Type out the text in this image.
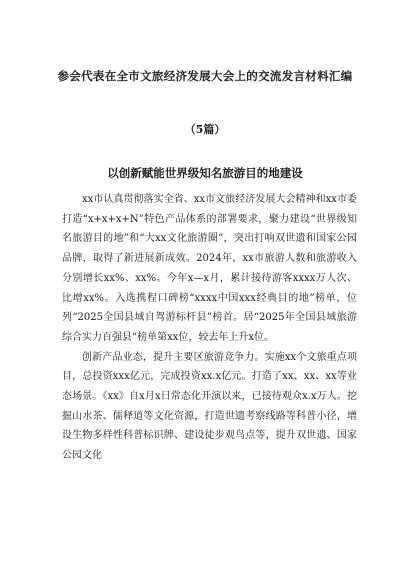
参会代表在全市文旅经济发展大会上的交流发言材料汇编
（5篇）
以创新赋能世界级知名旅游目的地建设

xx市认真贯彻落实全省、xx市文旅经济发展大会精神和xx市委打造“x+x+x+N”特色产品体系的部署要求，聚力建设“世界级知名旅游目的地”和“大xx文化旅游圈”，突出打响双世遗和国家公园品牌，取得了新进展新成效。2024年，xx市旅游人数和旅游收入分别增长xx%、xx%。今年x—x月，累计接待游客xxxx万人次、比增xx%。入选携程口碑榜“xxxx中国xxx经典目的地”榜单，位列“2025全国县域自驾游标杆县”榜首。居“2025年全国县域旅游综合实力百强县”榜单第xx位，较去年上升x位。

创新产品业态，提升主要区旅游竞争力。实施xx个文旅重点项目，总投资xxx亿元，完成投资xx.x亿元。打造了xx、xx、xx等业态场景。《xx》自x月x日常态化开演以来，已接待观众x.x万人。挖掘山水茶、儒释道等文化资源，打造世遗考察线路等科普小径，增设生物多样性科普标识牌、建设徒步观鸟点等，提升双世遗、国家公园文化
